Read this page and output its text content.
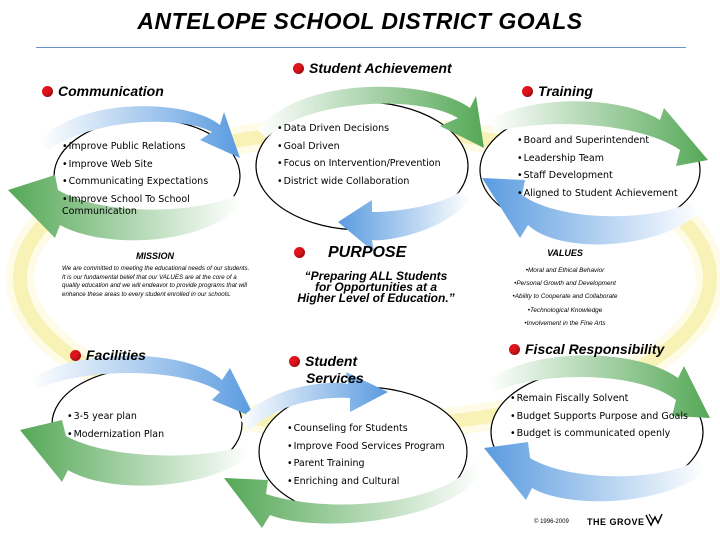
ANTELOPE SCHOOL DISTRICT GOALS
Communication
Student Achievement
Training
Facilities	Student
Services
Fiscal Responsibility
• Improve Public Relations
• Improve Web Site
• Communicating Expectations
• Improve School To School Communication
• Data Driven Decisions
• Goal Driven
• Focus on Intervention/Prevention
• District wide Collaboration
• Board and Superintendent
• Leadership Team
• Staff Development
• Aligned to Student Achievement
• 3-5 year plan
• Modernization Plan
•	Counseling for Students
• Improve Food Services Program
• Parent Training
• Enriching and Cultural
• Remain Fiscally Solvent
• Budget Supports Purpose and Goals
• Budget is communicated openly
MISSION
We are committed to meeting the educational needs of our students. It is our fundamental belief that our VALUES are at the core of a quality education and we will endeavor to provide programs that will enhance these areas to every student enrolled in our schools.
PURPOSE
“Preparing ALL Students for Opportunities at a Higher Level of Education.”
VALUES
• Moral and Ethical Behavior
• Personal Growth and Development
• Ability to Cooperate and Collaborate
• Technological Knowledge
• Involvement in the Fine Arts
© 1996-2009 THE GROVE
